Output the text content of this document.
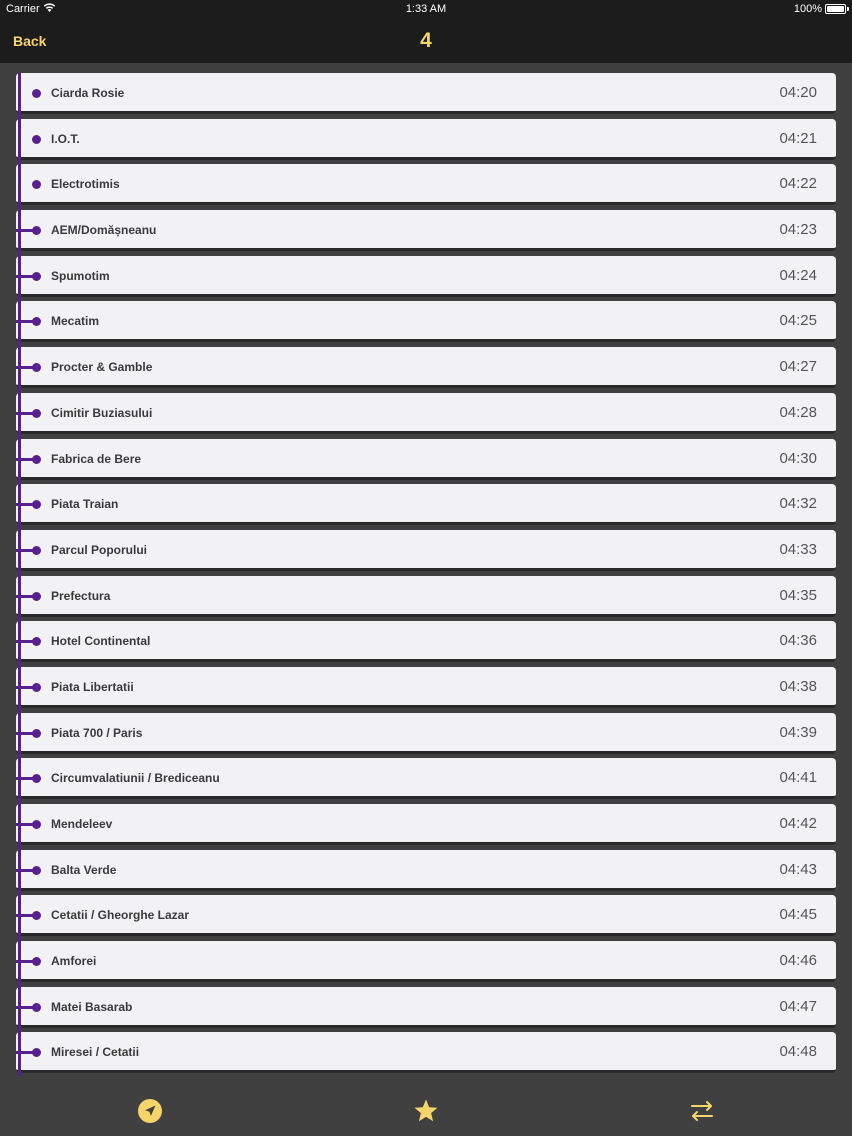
Carrier	1:33 AM	100%
Back	4
Ciarda Rosie	04:20
I.O.T.	04:21
Electrotimis	04:22
AEM/Domășneanu	04:23
Spumotim	04:24
Mecatim	04:25
Procter & Gamble	04:27
Cimitir Buziasului	04:28
Fabrica de Bere	04:30
Piata Traian	04:32
Parcul Poporului	04:33
Prefectura	04:35
Hotel Continental	04:36
Piata Libertatii	04:38
Piata 700 / Paris	04:39
Circumvalatiunii / Brediceanu	04:41
Mendeleev	04:42
Balta Verde	04:43
Cetatii / Gheorghe Lazar	04:45
Amforei	04:46
Matei Basarab	04:47
Miresei / Cetatii	04:48
